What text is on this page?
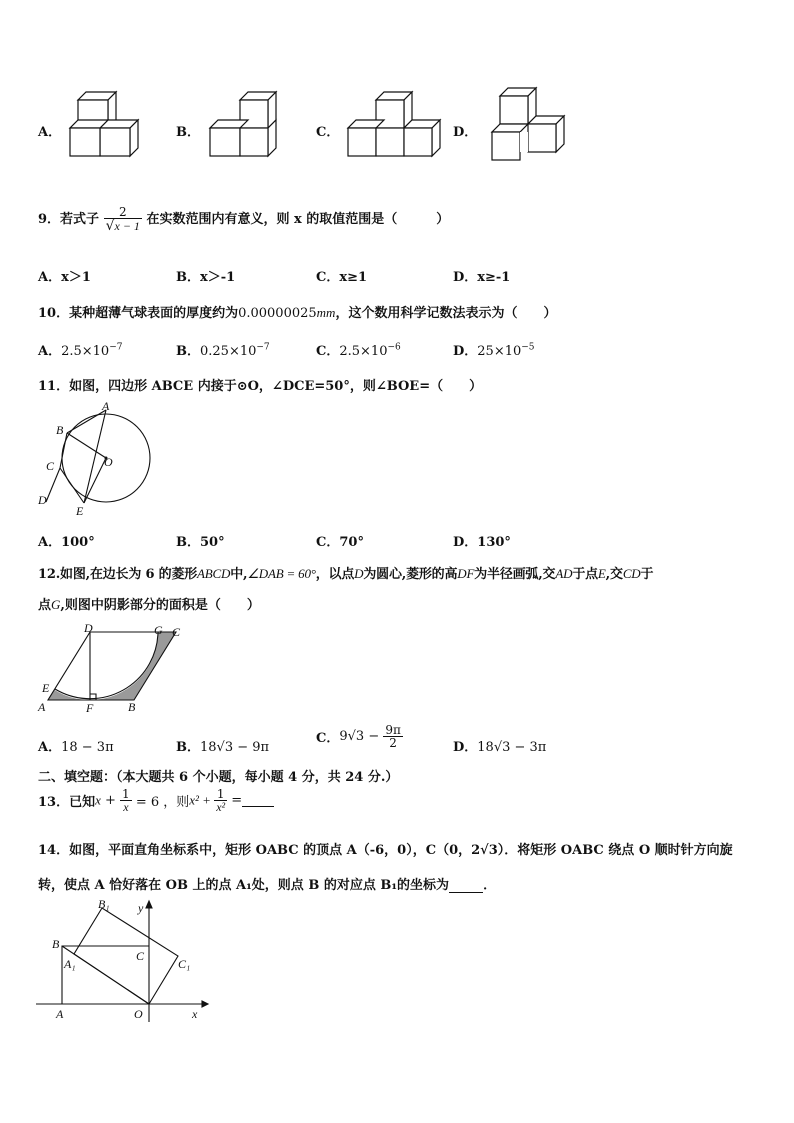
A．	B．	C．	D．
9．若式子 $\frac{2}{√x - 1}$ 在实数范围内有意义，则 x 的取值范围是（　　　）
A．x＞1	B．x＞-1	C．x≥1	D．x≥-1
10．某种超薄气球表面的厚度约为0.00000025mm，这个数用科学记数法表示为（　　）
A．$2.5\times 10^{-7}$	B．$0.25\times 10^{-7}$	C．$2.5\times 10^{-6}$	D．$25\times 10^{-5}$
11．如图，四边形 ABCE 内接于⊙O，∠DCE=50°，则∠BOE=（　　）
A
B
C
D
E
O
A．100°	B．50°	C．70°	D．130°
12.如图,在边长为 6 的菱形ABCD中,∠DAB = 60°，以点D为圆心,菱形的高DF为半径画弧,交AD于点E,交CD于
点G,则图中阴影部分的面积是（　　）
A	B
C
D
E
F
G
A．18 − 3π	B．18√3 − 9π
C．$9√3 - \frac{9\pi}{2}$	D．18√3 − 3π
二、填空题：（本大题共 6 个小题，每小题 4 分，共 24 分.）
13．已知$x + \frac{1}{x} = 6$ ，则$x^2 + \frac{1}{\text{x²}}$ =
14．如图，平面直角坐标系中，矩形 OABC 的顶点 A（-6，0），C（0，2√3）．将矩形 OABC 绕点 O 顺时针方向旋
转，使点 A 恰好落在 OB 上的点 A₁处，则点 B 的对应点 B₁的坐标为	．
A
B
C
O
A₁
B₁
C₁
x
y
